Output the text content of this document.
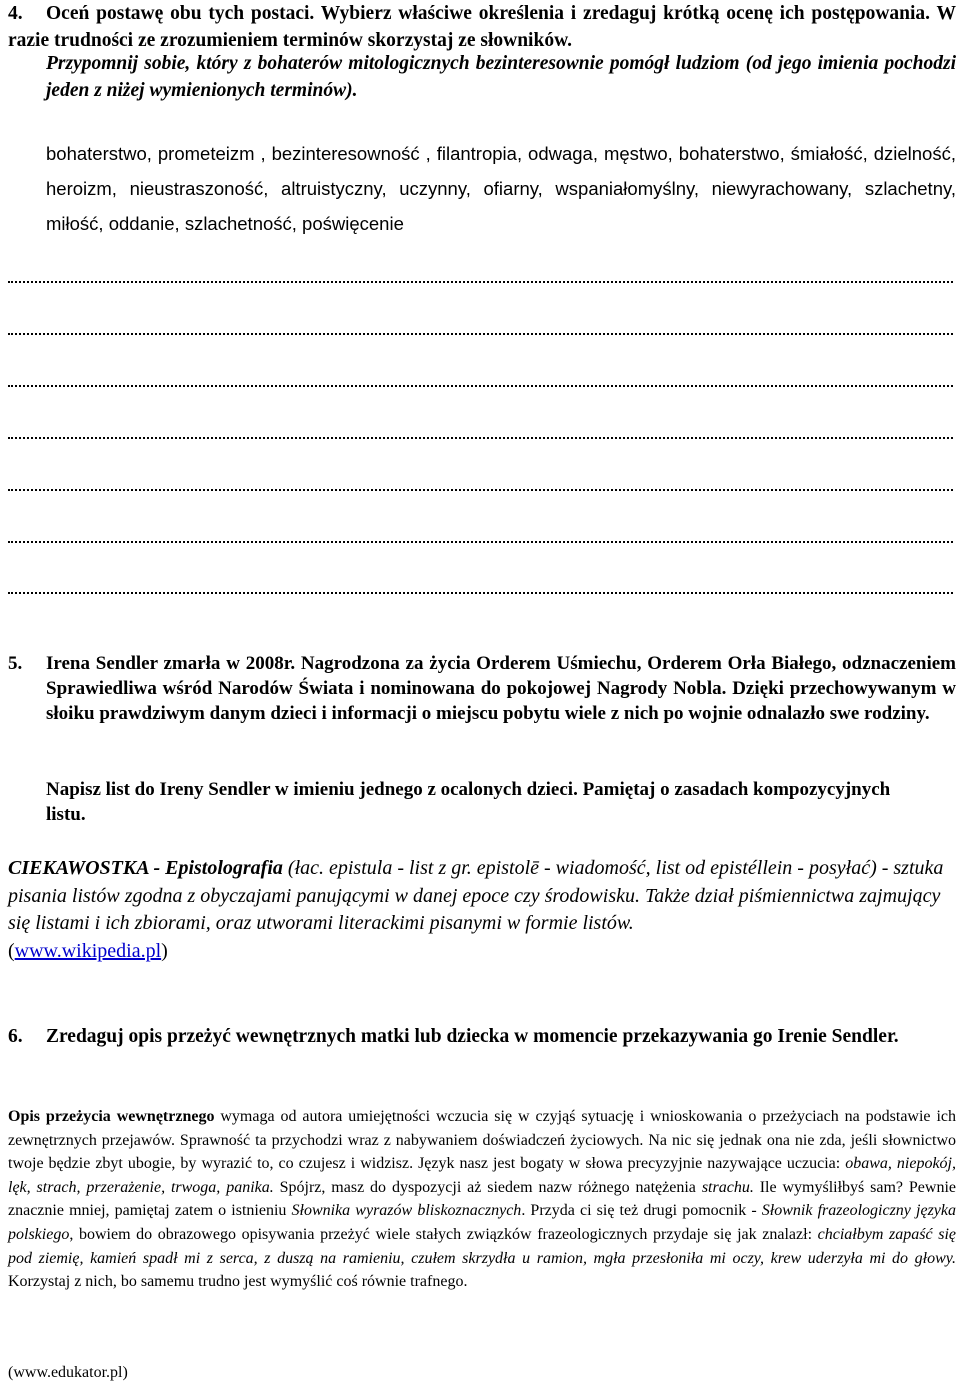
4. Oceń postawę obu tych postaci. Wybierz właściwe określenia i zredaguj krótką ocenę ich postępowania. W razie trudności ze zrozumieniem terminów skorzystaj ze słowników.
Przypomnij sobie, który z bohaterów mitologicznych bezinteresownie pomógł ludziom (od jego imienia pochodzi jeden z niżej wymienionych terminów).
bohaterstwo, prometeizm , bezinteresowność , filantropia, odwaga, męstwo, bohaterstwo, śmiałość, dzielność, heroizm, nieustraszoność, altruistyczny, uczynny, ofiarny, wspaniałomyślny, niewyrachowany, szlachetny, miłość, oddanie, szlachetność, poświęcenie
5. Irena Sendler zmarła w 2008r. Nagrodzona za życia Orderem Uśmiechu, Orderem Orła Białego, odznaczeniem Sprawiedliwa wśród Narodów Świata i nominowana do pokojowej Nagrody Nobla. Dzięki przechowywanym w słoiku prawdziwym danym dzieci i informacji o miejscu pobytu wiele z nich po wojnie odnalazło swe rodziny.
Napisz list do Ireny Sendler w imieniu jednego z ocalonych dzieci. Pamiętaj o zasadach kompozycyjnych listu.
CIEKAWOSTKA - Epistolografia (łac. epistula - list z gr. epistolē - wiadomość, list od epistéllein - posyłać) - sztuka pisania listów zgodna z obyczajami panującymi w danej epoce czy środowisku. Także dział piśmiennictwa zajmujący się listami i ich zbiorami, oraz utworami literackimi pisanymi w formie listów.
(www.wikipedia.pl)
6. Zredaguj opis przeżyć wewnętrznych matki lub dziecka w momencie przekazywania go Irenie Sendler.
Opis przeżycia wewnętrznego wymaga od autora umiejętności wczucia się w czyjąś sytuację i wnioskowania o przeżyciach na podstawie ich zewnętrznych przejawów. Sprawność ta przychodzi wraz z nabywaniem doświadczeń życiowych. Na nic się jednak ona nie zda, jeśli słownictwo twoje będzie zbyt ubogie, by wyrazić to, co czujesz i widzisz. Język nasz jest bogaty w słowa precyzyjnie nazywające uczucia: obawa, niepokój, lęk, strach, przerażenie, trwoga, panika. Spójrz, masz do dyspozycji aż siedem nazw różnego natężenia strachu. Ile wymyśliłbyś sam? Pewnie znacznie mniej, pamiętaj zatem o istnieniu Słownika wyrazów bliskoznacznych. Przyda ci się też drugi pomocnik - Słownik frazeologiczny języka polskiego, bowiem do obrazowego opisywania przeżyć wiele stałych związków frazeologicznych przydaje się jak znalazł: chciałbym zapaść się pod ziemię, kamień spadł mi z serca, z duszą na ramieniu, czułem skrzydła u ramion, mgła przesłoniła mi oczy, krew uderzyła mi do głowy. Korzystaj z nich, bo samemu trudno jest wymyślić coś równie trafnego.
(www.edukator.pl)
